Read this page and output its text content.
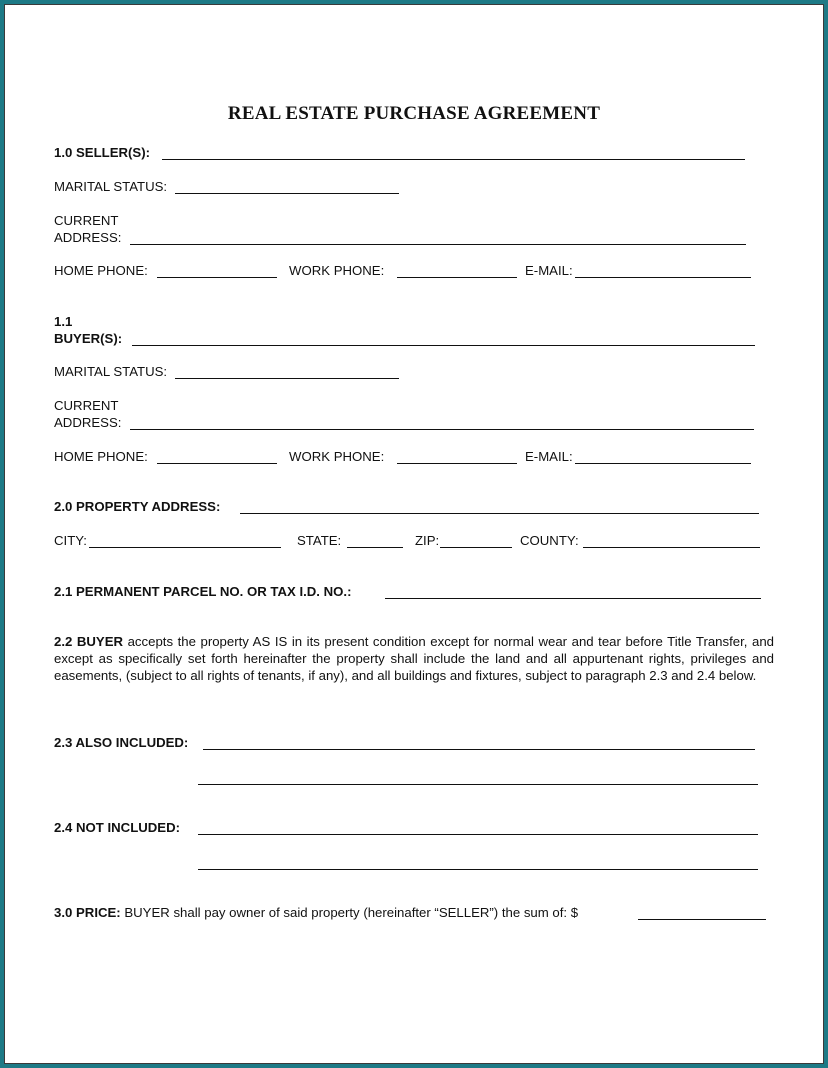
REAL ESTATE PURCHASE AGREEMENT
1.0 SELLER(S):
MARITAL STATUS:
CURRENT
ADDRESS:
HOME PHONE:	WORK PHONE:	E-MAIL:
1.1
BUYER(S):
MARITAL STATUS:
CURRENT
ADDRESS:
HOME PHONE:	WORK PHONE:	E-MAIL:
2.0 PROPERTY ADDRESS:
CITY:	STATE:	ZIP:	COUNTY:
2.1 PERMANENT PARCEL NO. OR TAX I.D. NO.:
2.2 BUYER accepts the property AS IS in its present condition except for normal wear and tear before Title Transfer, and except as specifically set forth hereinafter the property shall include the land and all appurtenant rights, privileges and easements, (subject to all rights of tenants, if any), and all buildings and fixtures, subject to paragraph 2.3 and 2.4 below.
2.3 ALSO INCLUDED:
2.4 NOT INCLUDED:
3.0 PRICE: BUYER shall pay owner of said property (hereinafter “SELLER”) the sum of: $
